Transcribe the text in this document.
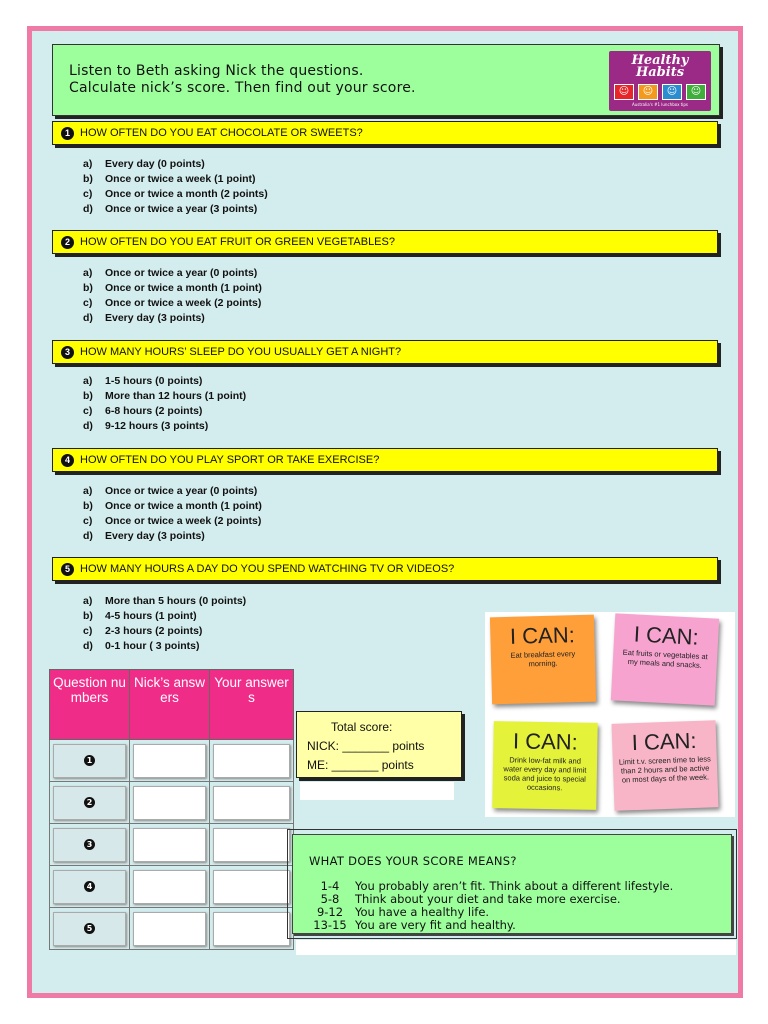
Listen to Beth asking Nick the questions.
Calculate nick’s score. Then find out your score.
Healthy
Habits
☺	☺	☺	☺
Australia's #1 lunchbox tips
1 HOW OFTEN DO YOU EAT CHOCOLATE OR SWEETS?
a)	Every day (0 points)
b)	Once or twice a week (1 point)
c)	Once or twice a month (2 points)
d)	Once or twice a year (3 points)
2 HOW OFTEN DO YOU EAT FRUIT OR GREEN VEGETABLES?
a)	Once or twice a year (0 points)
b)	Once or twice a month (1 point)
c)	Once or twice a week (2 points)
d)	Every day (3 points)
3 HOW MANY HOURS’ SLEEP DO YOU USUALLY GET A NIGHT?
a)	1-5 hours (0 points)
b)	More than 12 hours (1 point)
c)	6-8 hours (2 points)
d)	9-12 hours (3 points)
4 HOW OFTEN DO YOU PLAY SPORT OR TAKE EXERCISE?
a)	Once or twice a year (0 points)
b)	Once or twice a month (1 point)
c)	Once or twice a week (2 points)
d)	Every day (3 points)
5 HOW MANY HOURS A DAY DO YOU SPEND WATCHING TV OR VIDEOS?
a)	More than 5 hours (0 points)
b)	4-5 hours (1 point)
c)	2-3 hours (2 points)
d)	0-1 hour ( 3 points)
Question numbers	Nick’s answers	Your answers

1		

2		

3		

4		

5		

Total score:
NICK: _______ points
ME: _______ points
I CAN:
Eat breakfast every morning.
I CAN:
Eat fruits or vegetables at my meals and snacks.
I CAN:
Drink low-fat milk and water every day and limit soda and juice to special occasions.
I CAN:
Limit t.v. screen time to less than 2 hours and be active on most days of the week.
WHAT DOES YOUR SCORE MEANS?
1-4	You probably aren’t fit. Think about a different lifestyle.
5-8	Think about your diet and take more exercise.
9-12	You have a healthy life.
13-15 You are very fit and healthy.
